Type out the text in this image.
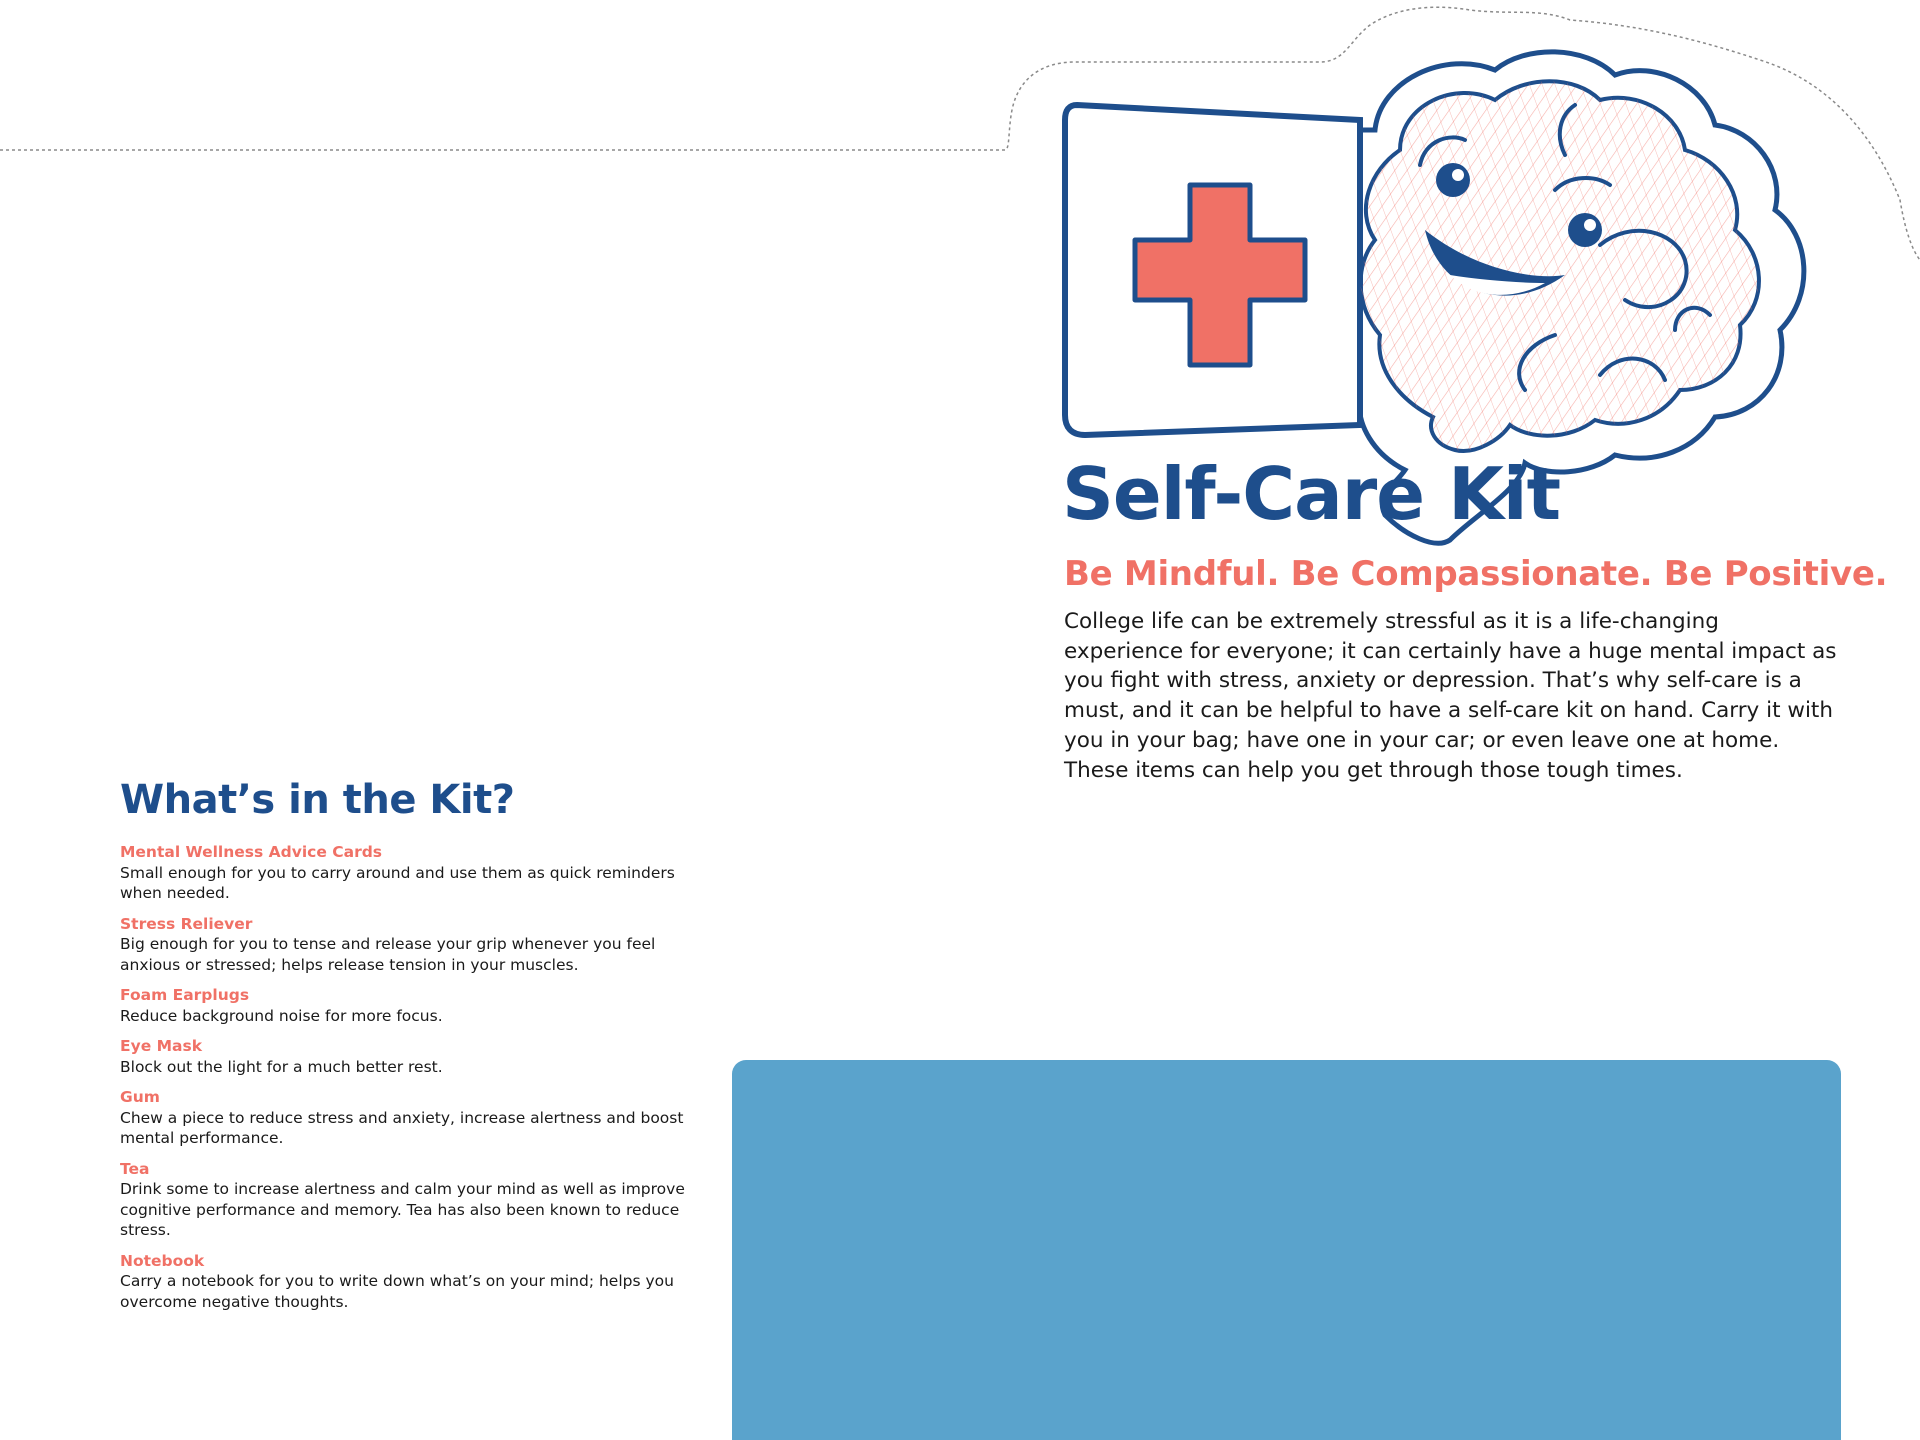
Self-Care Kit

Be Mindful. Be Compassionate. Be Positive.

College life can be extremely stressful as it is a life-changing experience for everyone; it can certainly have a huge mental impact as you fight with stress, anxiety or depression. That’s why self-care is a must, and it can be helpful to have a self-care kit on hand. Carry it with you in your bag; have one in your car; or even leave one at home. These items can help you get through those tough times.

What’s in the Kit?
Mental Wellness Advice Cards
Small enough for you to carry around and use them as quick reminders when needed.
Stress Reliever
Big enough for you to tense and release your grip whenever you feel anxious or stressed; helps release tension in your muscles.
Foam Earplugs
Reduce background noise for more focus.
Eye Mask
Block out the light for a much better rest.
Gum
Chew a piece to reduce stress and anxiety, increase alertness and boost mental performance.
Tea
Drink some to increase alertness and calm your mind as well as improve cognitive performance and memory. Tea has also been known to reduce stress.
Notebook
Carry a notebook for you to write down what’s on your mind; helps you overcome negative thoughts.
